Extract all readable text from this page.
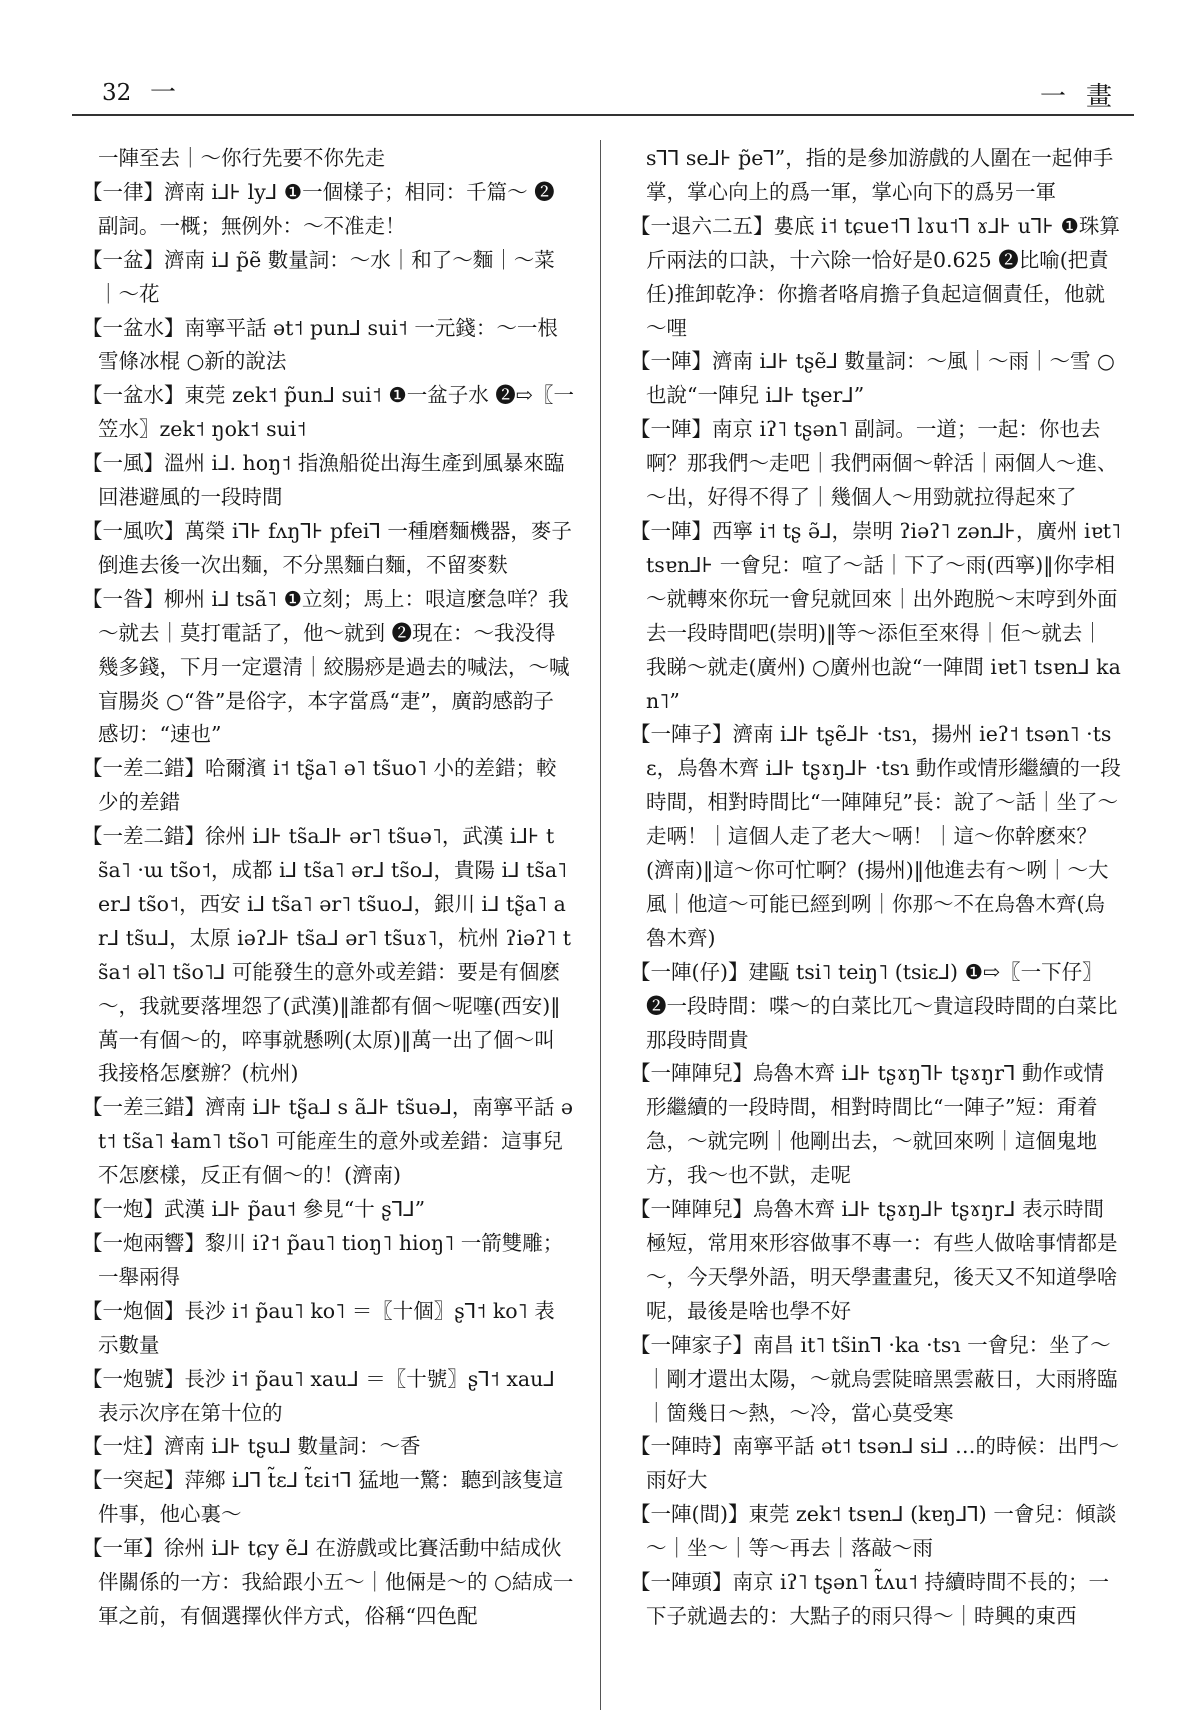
32 一	一畫

一陣至去｜～你行先要不你先走

【一律】濟南 i⅃⊦ ly⅃ ❶一個樣子；相同：千篇～ ❷副詞。一概；無例外：～不准走！

【一盆】濟南 i⅃ p̃ẽ 數量詞：～水｜和了～麵｜～菜｜～花

【一盆水】南寧平話 ət˦ pun⅃ sui˦ 一元錢：～一根雪條冰棍 ○新的說法

【一盆水】東莞 zek˦ p̃un⅃ sui˦ ❶一盆子水 ❷⇨〖一笠水〗zek˦ ŋok˦ sui˦

【一風】溫州 i⅃. hoŋ˦ 指漁船從出海生產到風暴來臨回港避風的一段時間

【一風吹】萬榮 i⅂⊦ fʌŋ⅂⊦ pfei⅂ 一種磨麵機器，麥子倒進去後一次出麵，不分黑麵白麵，不留麥麩

【一昝】柳州 i⅃ tsã˥ ❶立刻；馬上：哏這麼急咩？我～就去｜莫打電話了，他～就到 ❷現在：～我没得幾多錢，下月一定還清｜絞腸痧是過去的喊法，～喊盲腸炎 ○“昝”是俗字，本字當爲“疌”，廣韵感韵子感切：“速也”

【一差二錯】哈爾濱 i˦ tʂ̃a˥ ə˥ ts̃uo˥ 小的差錯；較少的差錯

【一差二錯】徐州 i⅃⊦ ts̃a⅃⊦ ər˥ ts̃uə˥，武漢 i⅃⊦ ts̃a˥ ·ɯ ts̃o˦，成都 i⅃ ts̃a˥ ər⅃ ts̃o⅃，貴陽 i⅃ ts̃a˥ er⅃ ts̃o˦，西安 i⅃ ts̃a˥ ər˥ ts̃uo⅃，銀川 i⅃ tʂ̃a˥ ar⅃ ts̃u⅃，太原 iəʔ⅃⊦ ts̃a⅃ ər˥ ts̃uɤ˥，杭州 ʔiəʔ˥ ts̃a˦ əl˥ ts̃o˥⅃ 可能發生的意外或差錯：要是有個麽～，我就要落埋怨了(武漢)‖誰都有個～呢噻(西安)‖萬一有個～的，啐事就懸咧(太原)‖萬一出了個～叫我接格怎麼辦？(杭州)

【一差三錯】濟南 i⅃⊦ tʂ̃a⅃ s ã⅃⊦ ts̃uə⅃，南寧平話 ət˦ ts̃a˥ ɬam˥ ts̃o˥ 可能産生的意外或差錯：這事兒不怎麽樣，反正有個～的！(濟南)

【一炮】武漢 i⅃⊦ p̃au˦ 參見“十 ʂ⅂⅃”

【一炮兩響】黎川 iʔ˦ p̃au˥ tioŋ˥ hioŋ˥ 一箭雙雕；一舉兩得

【一炮個】長沙 i˦ p̃au˥ ko˥ ＝〖十個〗ʂ⅂˦ ko˥ 表示數量

【一炮號】長沙 i˦ p̃au˥ xau⅃ ＝〖十號〗ʂ⅂˦ xau⅃ 表示次序在第十位的

【一炷】濟南 i⅃⊦ tʂu⅃ 數量詞：～香

【一突起】萍鄉 i⅃⅂ t̃ɛ⅃ t̃ɛi˦⅂ 猛地一驚：聽到該隻這件事，他心裏～

【一軍】徐州 i⅃⊦ tɕy ẽ⅃ 在游戲或比賽活動中結成伙伴關係的一方：我給跟小五～｜他倆是～的 ○結成一軍之前，有個選擇伙伴方式，俗稱“四色配

s⅂⅂ se⅃⊦ p̃e⅂”，指的是參加游戲的人圍在一起伸手掌，掌心向上的爲一軍，掌心向下的爲另一軍

【一退六二五】婁底 i˦ tɕue˦⅂ lɤu˦⅂ ɤ⅃⊦ u⅂⊦ ❶珠算斤兩法的口訣，十六除一恰好是0.625 ❷比喻(把責任)推卸乾净：你擔者咯肩擔子負起這個責任，他就～哩

【一陣】濟南 i⅃⊦ tʂẽ⅃ 數量詞：～風｜～雨｜～雪 ○也說“一陣兒 i⅃⊦ tʂer⅃”

【一陣】南京 iʔ˥ tʂən˥ 副詞。一道；一起：你也去啊？那我們～走吧｜我們兩個～幹活｜兩個人～進、～出，好得不得了｜幾個人～用勁就拉得起來了

【一陣】西寧 i˦ tʂ ə̃⅃，崇明 ʔiəʔ˥ zən⅃⊦，廣州 iɐt˥ tsɐn⅃⊦ 一會兒：喧了～話｜下了～雨(西寧)‖你孛相～就轉來你玩一會兒就回來｜出外跑脱～末哼到外面去一段時間吧(崇明)‖等～添佢至來得｜佢～就去｜我睇～就走(廣州) ○廣州也說“一陣間 iɐt˥ tsɐn⅃ kan˥”

【一陣子】濟南 i⅃⊦ tʂẽ⅃⊦ ·tsɿ，揚州 ieʔ˦ tsən˥ ·tsɛ，烏魯木齊 i⅃⊦ tʂɤŋ⅃⊦ ·tsɿ 動作或情形繼續的一段時間，相對時間比“一陣陣兒”長：說了～話｜坐了～走唡！｜這個人走了老大～唡！｜這～你幹麽來？(濟南)‖這～你可忙啊？(揚州)‖他進去有～咧｜～大風｜他這～可能已經到咧｜你那～不在烏魯木齊(烏魯木齊)

【一陣(仔)】建甌 tsi˥ teiŋ˥ (tsiɛ⅃) ❶⇨〖一下仔〗❷一段時間：喋～的白菜比兀～貴這段時間的白菜比那段時間貴

【一陣陣兒】烏魯木齊 i⅃⊦ tʂɤŋ⅂⊦ tʂɤŋr⅂ 動作或情形繼續的一段時間，相對時間比“一陣子”短：甭着急，～就完咧｜他剛出去，～就回來咧｜這個鬼地方，我～也不獃，走呢

【一陣陣兒】烏魯木齊 i⅃⊦ tʂɤŋ⅃⊦ tʂɤŋr⅃ 表示時間極短，常用來形容做事不專一：有些人做啥事情都是～，今天學外語，明天學畫畫兒，後天又不知道學啥呢，最後是啥也學不好

【一陣家子】南昌 it˥ ts̃in⅂ ·ka ·tsɿ 一會兒：坐了～｜剛才還出太陽，～就烏雲陡暗黑雲蔽日，大雨將臨｜箇幾日～熱，～冷，當心莫受寒

【一陣時】南寧平話 ət˦ tsən⅃ si⅃ …的時候：出門～雨好大

【一陣(間)】東莞 zek˦ tsɐn⅃ (kɐŋ⅃⅂) 一會兒：傾談～｜坐～｜等～再去｜落敲～雨

【一陣頭】南京 iʔ˥ tʂən˥ t̃ʌu˦ 持續時間不長的；一下子就過去的：大點子的雨只得～｜時興的東西
